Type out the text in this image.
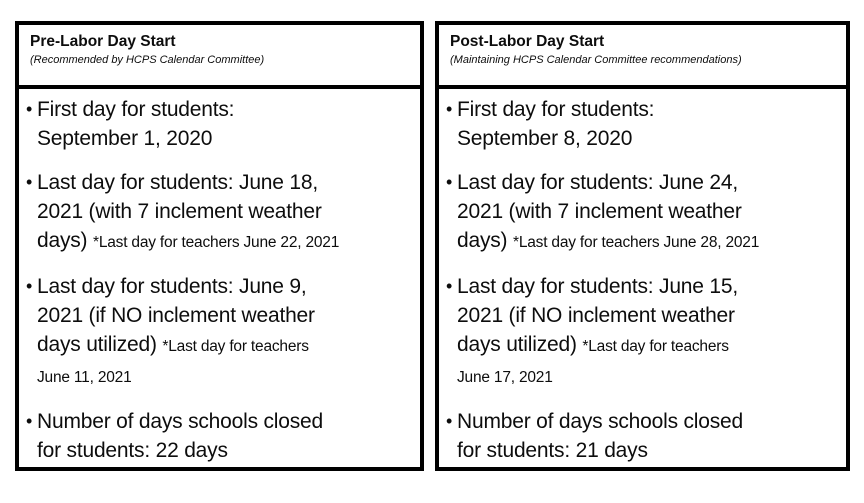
Pre-Labor Day Start

(Recommended by HCPS Calendar Committee)

• First day for students:
September 1, 2020
• Last day for students: June 18,
2021 (with 7 inclement weather
days) *Last day for teachers June 22, 2021
• Last day for students: June 9,
2021 (if NO inclement weather
days utilized) *Last day for teachers
June 11, 2021
• Number of days schools closed
for students: 22 days
Post-Labor Day Start

(Maintaining HCPS Calendar Committee recommendations)

• First day for students:
September 8, 2020
• Last day for students: June 24,
2021 (with 7 inclement weather
days) *Last day for teachers June 28, 2021
• Last day for students: June 15,
2021 (if NO inclement weather
days utilized) *Last day for teachers
June 17, 2021
• Number of days schools closed
for students: 21 days
